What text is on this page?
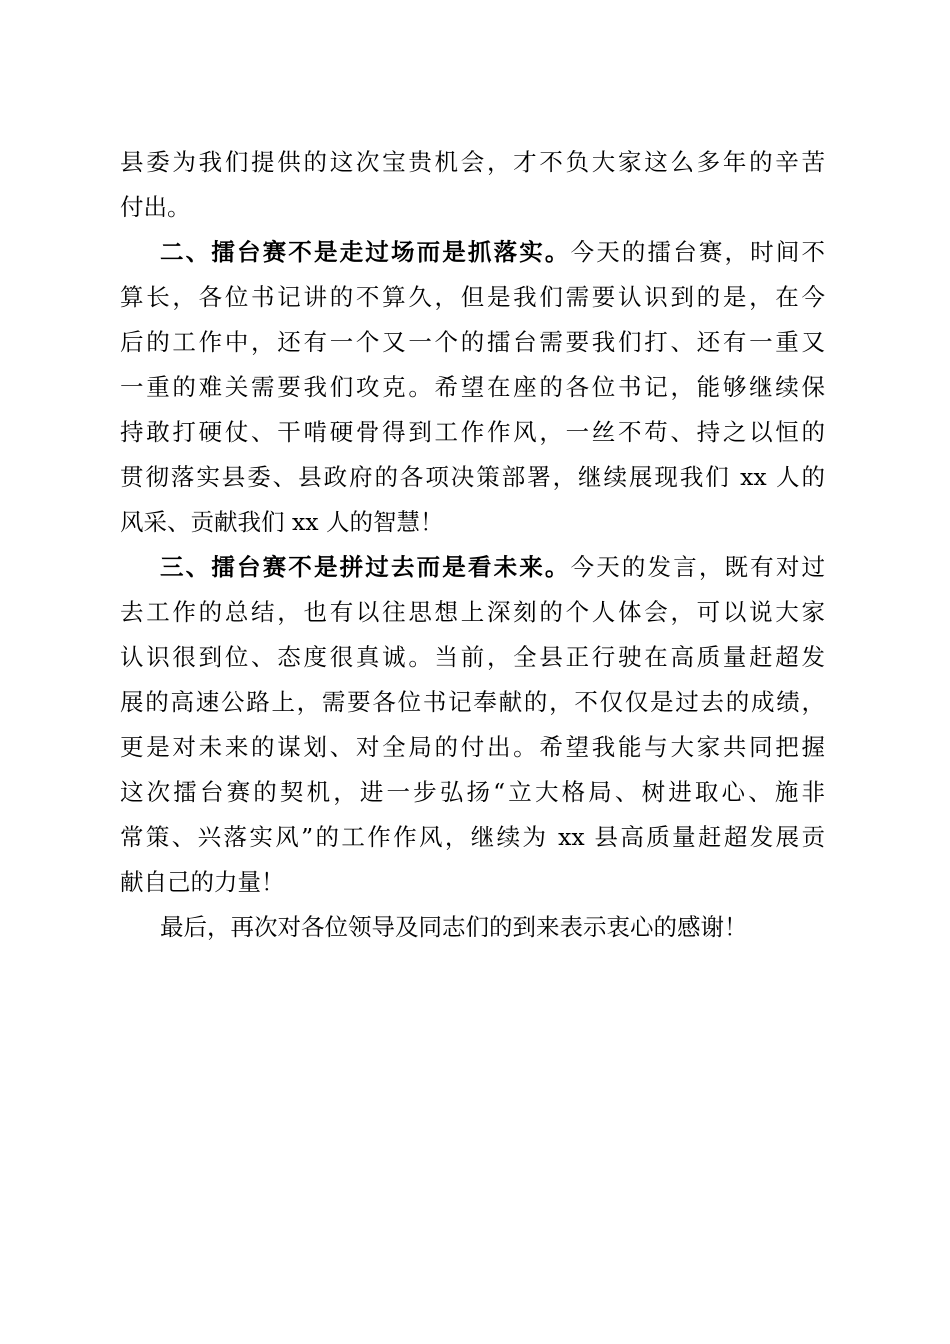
县委为我们提供的这次宝贵机会，才不负大家这么多年的辛苦
付出。
二、擂台赛不是走过场而是抓落实。今天的擂台赛，时间不
算长，各位书记讲的不算久，但是我们需要认识到的是，在今
后的工作中，还有一个又一个的擂台需要我们打、还有一重又
一重的难关需要我们攻克。希望在座的各位书记，能够继续保
持敢打硬仗、干啃硬骨得到工作作风，一丝不苟、持之以恒的
贯彻落实县委、县政府的各项决策部署，继续展现我们 xx 人的
风采、贡献我们 xx 人的智慧！
三、擂台赛不是拼过去而是看未来。今天的发言，既有对过
去工作的总结，也有以往思想上深刻的个人体会，可以说大家
认识很到位、态度很真诚。当前，全县正行驶在高质量赶超发
展的高速公路上，需要各位书记奉献的，不仅仅是过去的成绩，
更是对未来的谋划、对全局的付出。希望我能与大家共同把握
这次擂台赛的契机，进一步弘扬“立大格局、树进取心、施非
常策、兴落实风”的工作作风，继续为 xx 县高质量赶超发展贡
献自己的力量！
最后，再次对各位领导及同志们的到来表示衷心的感谢！
